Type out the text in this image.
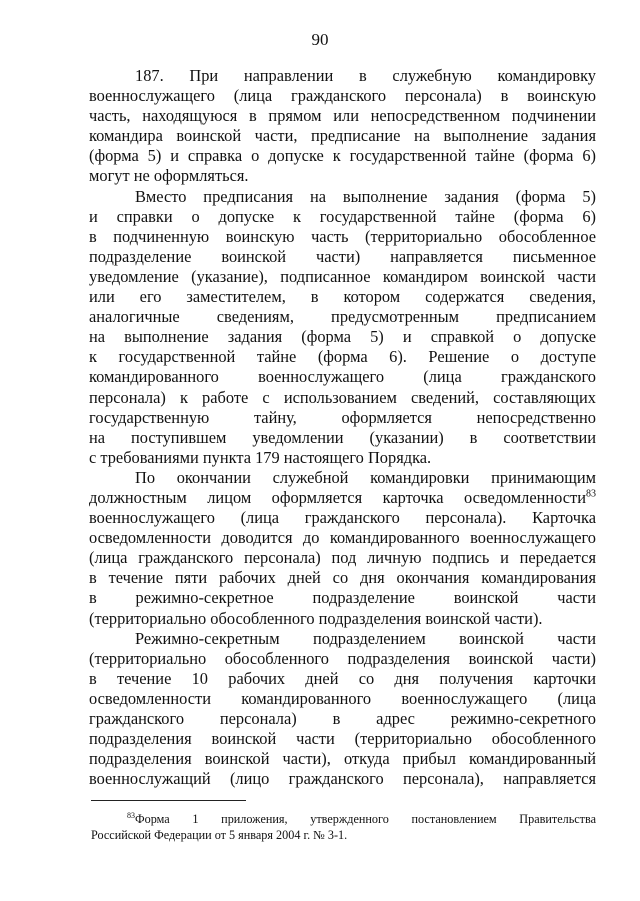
90
187. При направлении в служебную командировку
военнослужащего (лица гражданского персонала) в воинскую
часть, находящуюся в прямом или непосредственном подчинении
командира воинской части, предписание на выполнение задания
(форма 5) и справка о допуске к государственной тайне (форма 6)
могут не оформляться.
Вместо предписания на выполнение задания (форма 5)
и справки о допуске к государственной тайне (форма 6)
в подчиненную воинскую часть (территориально обособленное
подразделение воинской части) направляется письменное
уведомление (указание), подписанное командиром воинской части
или его заместителем, в котором содержатся сведения,
аналогичные сведениям, предусмотренным предписанием
на выполнение задания (форма 5) и справкой о допуске
к государственной тайне (форма 6). Решение о доступе
командированного военнослужащего (лица гражданского
персонала) к работе с использованием сведений, составляющих
государственную тайну, оформляется непосредственно
на поступившем уведомлении (указании) в соответствии
с требованиями пункта 179 настоящего Порядка.
По окончании служебной командировки принимающим
должностным лицом оформляется карточка осведомленности$^{83}$
военнослужащего (лица гражданского персонала). Карточка
осведомленности доводится до командированного военнослужащего
(лица гражданского персонала) под личную подпись и передается
в течение пяти рабочих дней со дня окончания командирования
в режимно-секретное подразделение воинской части
(территориально обособленного подразделения воинской части).
Режимно-секретным подразделением воинской части
(территориально обособленного подразделения воинской части)
в течение 10 рабочих дней со дня получения карточки
осведомленности командированного военнослужащего (лица
гражданского персонала) в адрес режимно-секретного
подразделения воинской части (территориально обособленного
подразделения воинской части), откуда прибыл командированный
военнослужащий (лицо гражданского персонала), направляется
$^{83}$Форма 1 приложения, утвержденного постановлением Правительства
Российской Федерации от 5 января 2004 г. № 3-1.
